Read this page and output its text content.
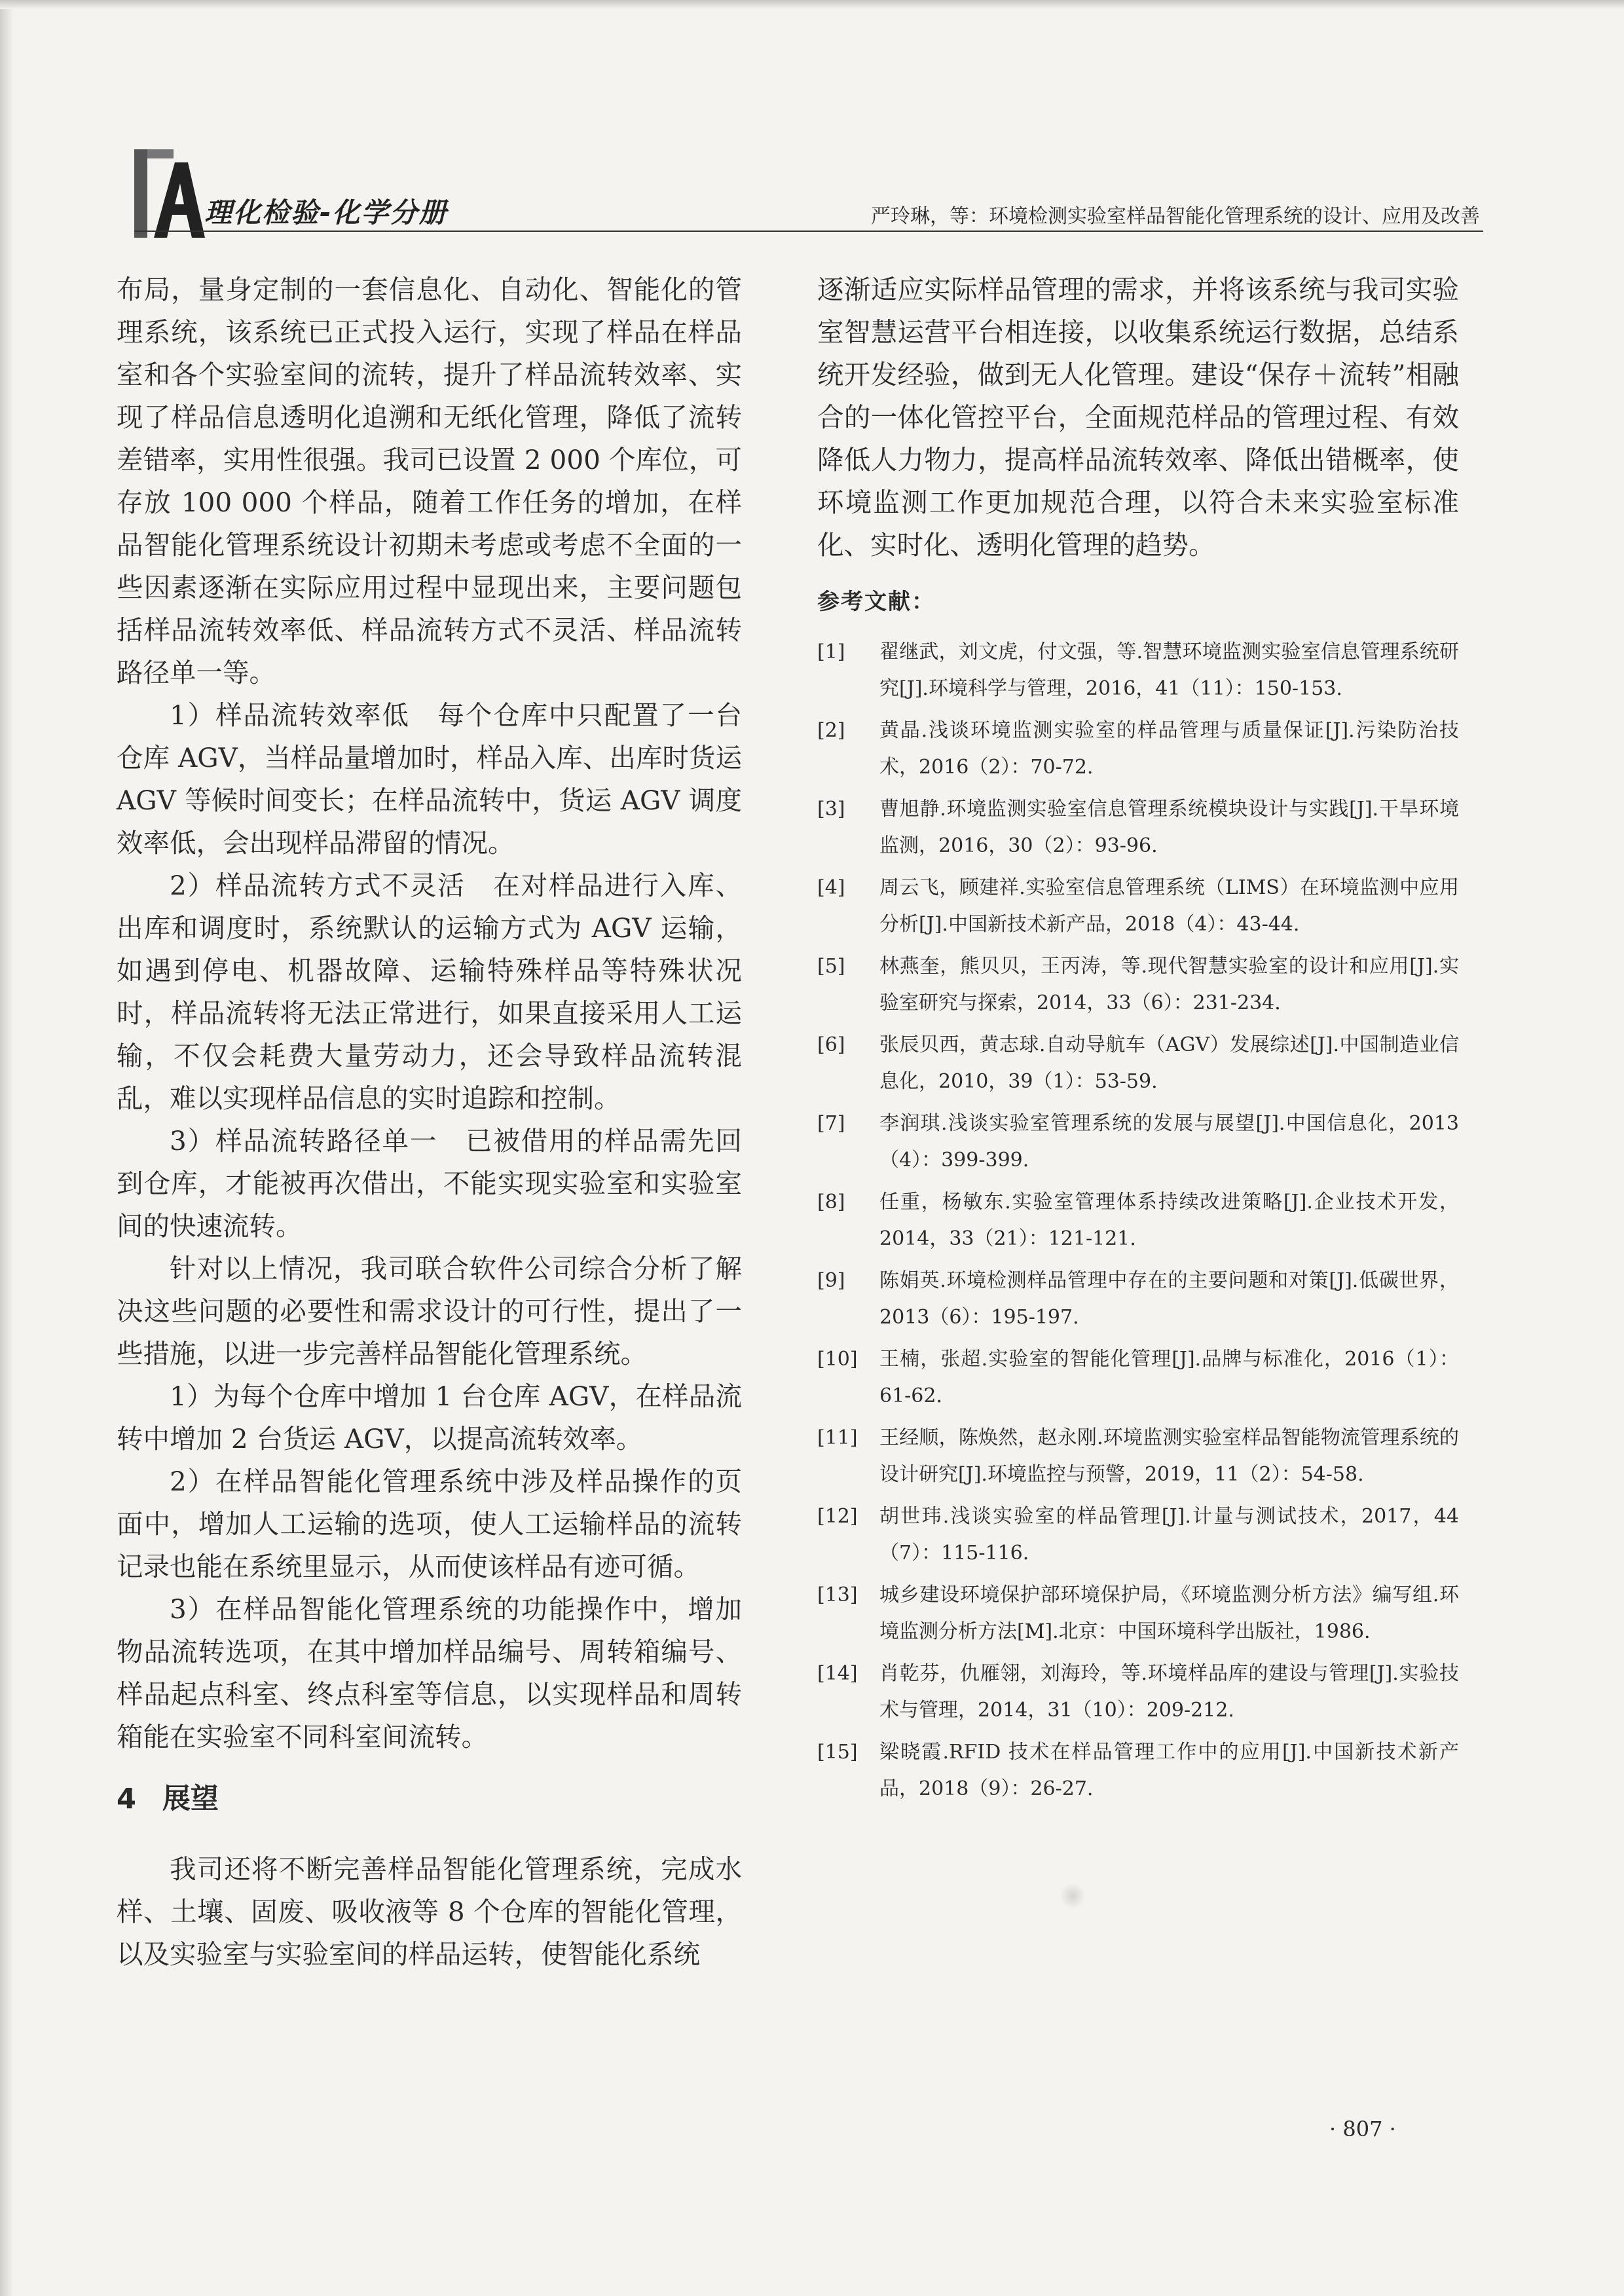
理化检验-化学分册	严玲琳，等：环境检测实验室样品智能化管理系统的设计、应用及改善

布局，量身定制的一套信息化、自动化、智能化的管理系统，该系统已正式投入运行，实现了样品在样品室和各个实验室间的流转，提升了样品流转效率、实现了样品信息透明化追溯和无纸化管理，降低了流转差错率，实用性很强。我司已设置 2 000 个库位，可存放 100 000 个样品，随着工作任务的增加，在样品智能化管理系统设计初期未考虑或考虑不全面的一些因素逐渐在实际应用过程中显现出来，主要问题包括样品流转效率低、样品流转方式不灵活、样品流转路径单一等。

1）样品流转效率低　每个仓库中只配置了一台仓库 AGV，当样品量增加时，样品入库、出库时货运 AGV 等候时间变长；在样品流转中，货运 AGV 调度效率低，会出现样品滞留的情况。

2）样品流转方式不灵活　在对样品进行入库、出库和调度时，系统默认的运输方式为 AGV 运输，如遇到停电、机器故障、运输特殊样品等特殊状况时，样品流转将无法正常进行，如果直接采用人工运输，不仅会耗费大量劳动力，还会导致样品流转混乱，难以实现样品信息的实时追踪和控制。

3）样品流转路径单一　已被借用的样品需先回到仓库，才能被再次借出，不能实现实验室和实验室间的快速流转。

针对以上情况，我司联合软件公司综合分析了解决这些问题的必要性和需求设计的可行性，提出了一些措施，以进一步完善样品智能化管理系统。

1）为每个仓库中增加 1 台仓库 AGV，在样品流转中增加 2 台货运 AGV，以提高流转效率。

2）在样品智能化管理系统中涉及样品操作的页面中，增加人工运输的选项，使人工运输样品的流转记录也能在系统里显示，从而使该样品有迹可循。

3）在样品智能化管理系统的功能操作中，增加物品流转选项，在其中增加样品编号、周转箱编号、样品起点科室、终点科室等信息，以实现样品和周转箱能在实验室不同科室间流转。

4 展望

我司还将不断完善样品智能化管理系统，完成水样、土壤、固废、吸收液等 8 个仓库的智能化管理，以及实验室与实验室间的样品运转，使智能化系统

逐渐适应实际样品管理的需求，并将该系统与我司实验室智慧运营平台相连接，以收集系统运行数据，总结系统开发经验，做到无人化管理。建设“保存＋流转”相融合的一体化管控平台，全面规范样品的管理过程、有效降低人力物力，提高样品流转效率、降低出错概率，使环境监测工作更加规范合理，以符合未来实验室标准化、实时化、透明化管理的趋势。

参考文献：
[1]	翟继武，刘文虎，付文强，等.智慧环境监测实验室信息管理系统研究[J].环境科学与管理，2016，41（11）：150-153.
[2]	黄晶.浅谈环境监测实验室的样品管理与质量保证[J].污染防治技术，2016（2）：70-72.
[3]	曹旭静.环境监测实验室信息管理系统模块设计与实践[J].干旱环境监测，2016，30（2）：93-96.
[4]	周云飞，顾建祥.实验室信息管理系统（LIMS）在环境监测中应用分析[J].中国新技术新产品，2018（4）：43-44.
[5]	林燕奎，熊贝贝，王丙涛，等.现代智慧实验室的设计和应用[J].实验室研究与探索，2014，33（6）：231-234.
[6]	张辰贝西，黄志球.自动导航车（AGV）发展综述[J].中国制造业信息化，2010，39（1）：53-59.
[7]	李润琪.浅谈实验室管理系统的发展与展望[J].中国信息化，2013（4）：399-399.
[8]	任重，杨敏东.实验室管理体系持续改进策略[J].企业技术开发，2014，33（21）：121-121.
[9]	陈娟英.环境检测样品管理中存在的主要问题和对策[J].低碳世界，2013（6）：195-197.
[10]	王楠，张超.实验室的智能化管理[J].品牌与标准化，2016（1）：61-62.
[11]	王经顺，陈焕然，赵永刚.环境监测实验室样品智能物流管理系统的设计研究[J].环境监控与预警，2019，11（2）：54-58.
[12]	胡世玮.浅谈实验室的样品管理[J].计量与测试技术，2017，44（7）：115-116.
[13]	城乡建设环境保护部环境保护局，《环境监测分析方法》编写组.环境监测分析方法[M].北京：中国环境科学出版社，1986.
[14]	肖乾芬，仇雁翎，刘海玲，等.环境样品库的建设与管理[J].实验技术与管理，2014，31（10）：209-212.
[15]	梁晓霞.RFID 技术在样品管理工作中的应用[J].中国新技术新产品，2018（9）：26-27.
· 807 ·
